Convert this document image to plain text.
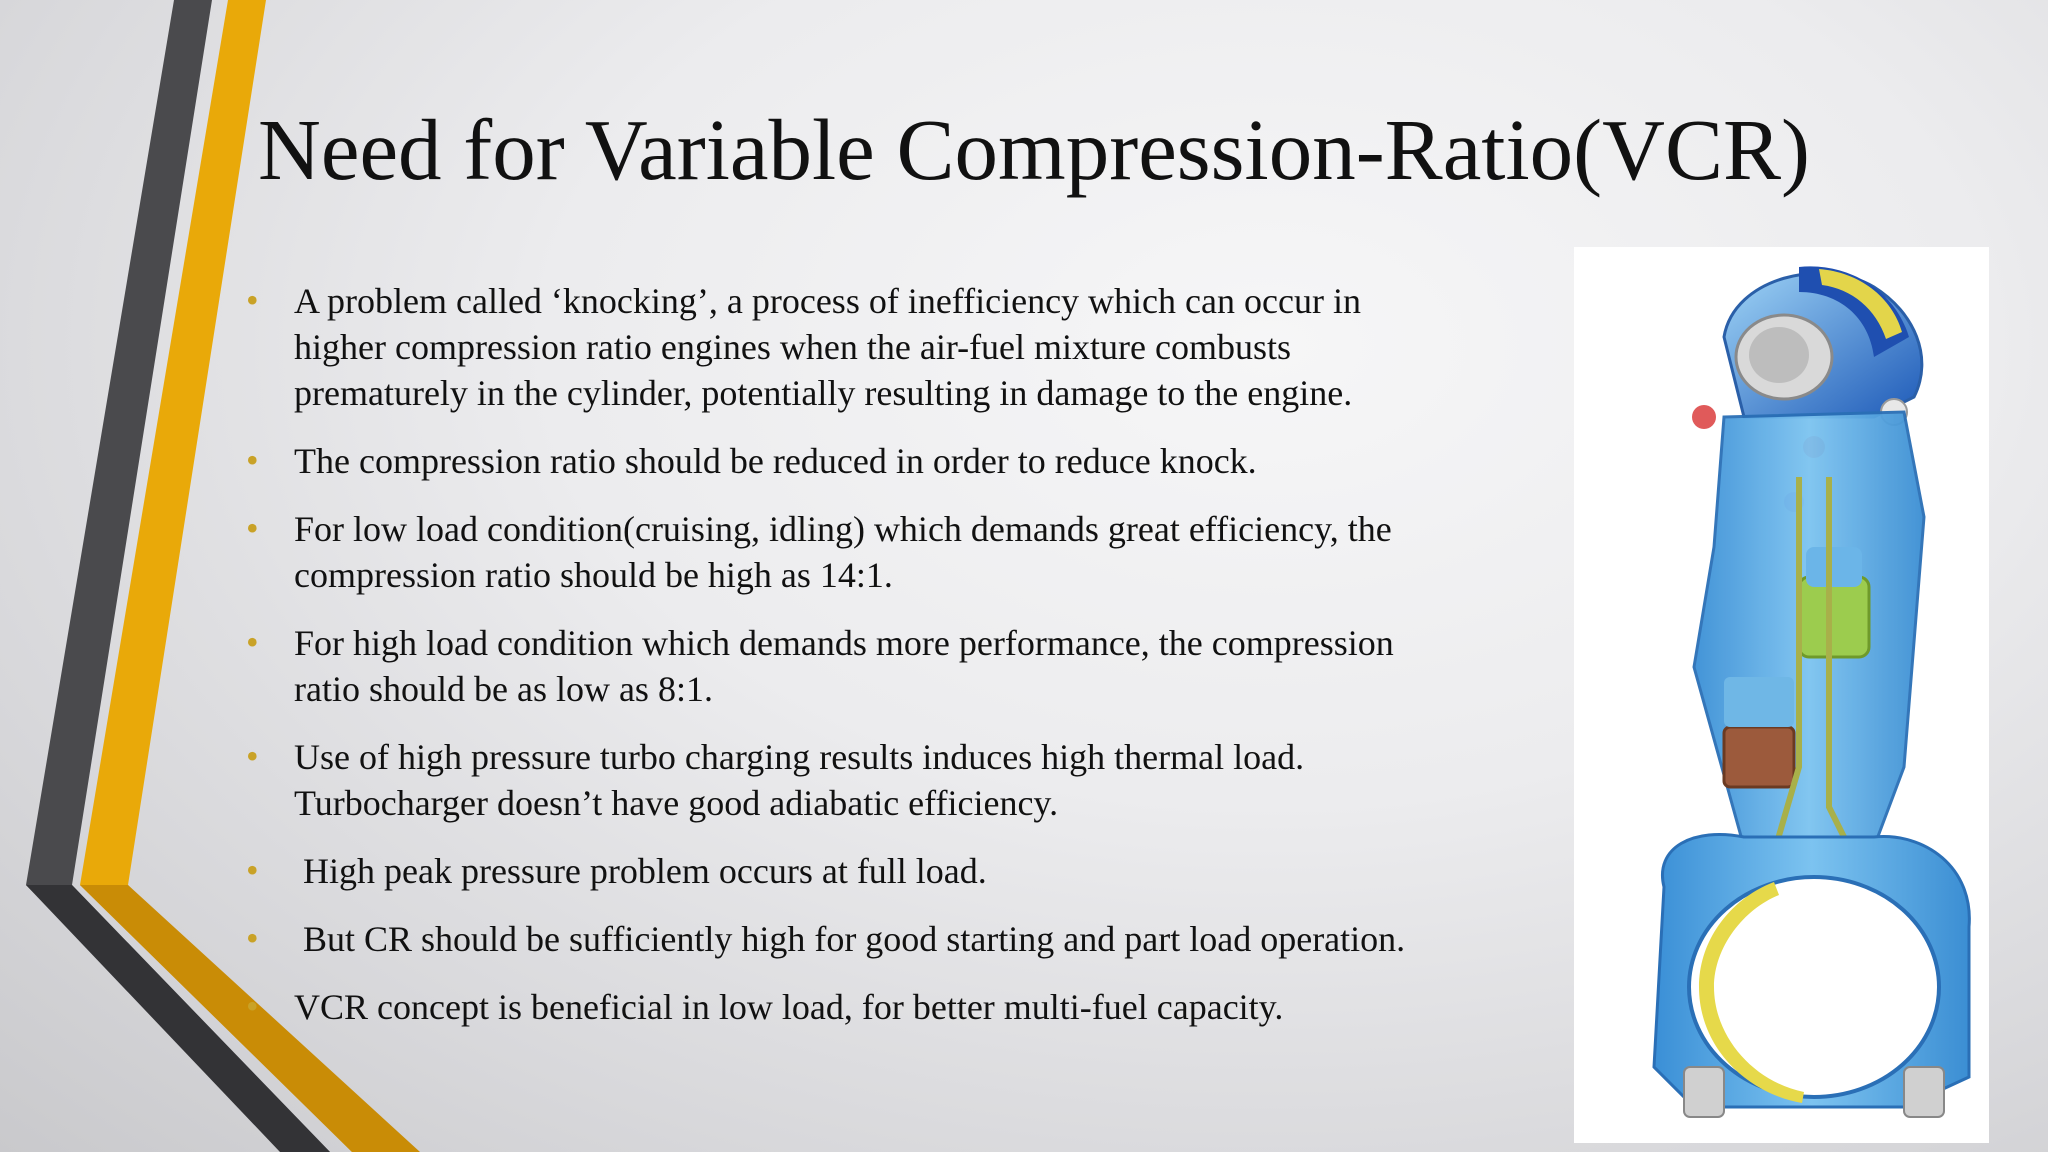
Need for Variable Compression-Ratio(VCR)
• A problem called ‘knocking’, a process of inefficiency which can occur in higher compression ratio engines when the air-fuel mixture combusts prematurely in the cylinder, potentially resulting in damage to the engine.
• The compression ratio should be reduced in order to reduce knock.
• For low load condition(cruising, idling) which demands great efficiency, the compression ratio should be high as 14:1.
• For high load condition which demands more performance, the compression ratio should be as low as 8:1.
• Use of high pressure turbo charging results induces high thermal load. Turbocharger doesn’t have good adiabatic efficiency.
• High peak pressure problem occurs at full load.
• But CR should be sufficiently high for good starting and part load operation.
• VCR concept is beneficial in low load, for better multi-fuel capacity.
